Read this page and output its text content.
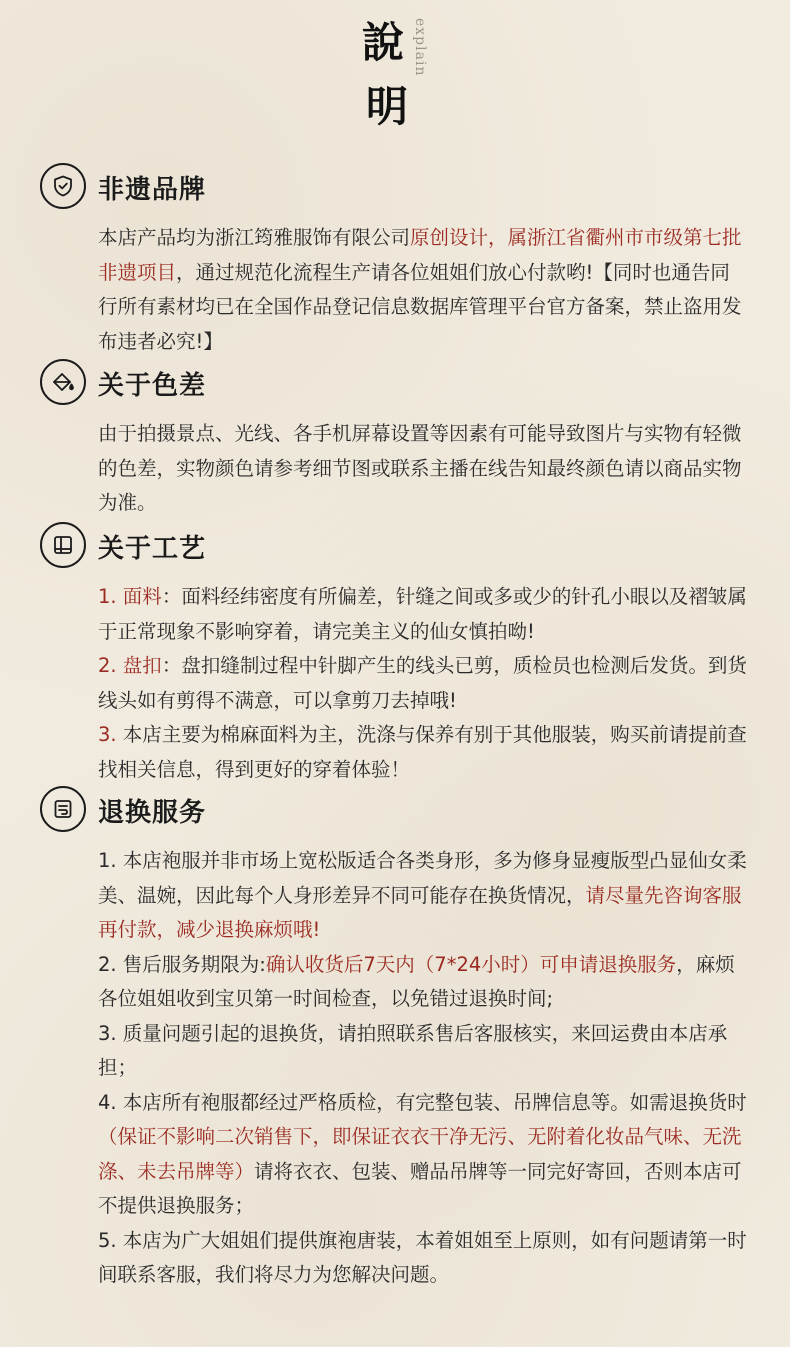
說
明
explain
非遗品牌
本店产品均为浙江筠雅服饰有限公司原创设计，属浙江省衢州市市级第七批非遗项目，通过规范化流程生产请各位姐姐们放心付款哟!【同时也通告同行所有素材均已在全国作品登记信息数据库管理平台官方备案，禁止盗用发布违者必究!】
关于色差
由于拍摄景点、光线、各手机屏幕设置等因素有可能导致图片与实物有轻微的色差，实物颜色请参考细节图或联系主播在线告知最终颜色请以商品实物为准。
关于工艺

1. 面料：面料经纬密度有所偏差，针缝之间或多或少的针孔小眼以及褶皱属于正常现象不影响穿着，请完美主义的仙女慎拍呦!

2. 盘扣：盘扣缝制过程中针脚产生的线头已剪，质检员也检测后发货。到货线头如有剪得不满意，可以拿剪刀去掉哦!

3. 本店主要为棉麻面料为主，洗涤与保养有别于其他服装，购买前请提前查找相关信息，得到更好的穿着体验！

退换服务

1. 本店袍服并非市场上宽松版适合各类身形，多为修身显瘦版型凸显仙女柔美、温婉，因此每个人身形差异不同可能存在换货情况，请尽量先咨询客服再付款，减少退换麻烦哦!

2. 售后服务期限为:确认收货后7天内（7*24小时）可申请退换服务，麻烦各位姐姐收到宝贝第一时间检查，以免错过退换时间;

3. 质量问题引起的退换货，请拍照联系售后客服核实，来回运费由本店承担；

4. 本店所有袍服都经过严格质检，有完整包装、吊牌信息等。如需退换货时（保证不影响二次销售下，即保证衣衣干净无污、无附着化妆品气味、无洗涤、未去吊牌等）请将衣衣、包装、赠品吊牌等一同完好寄回，否则本店可不提供退换服务；

5. 本店为广大姐姐们提供旗袍唐装，本着姐姐至上原则，如有问题请第一时间联系客服，我们将尽力为您解决问题。
